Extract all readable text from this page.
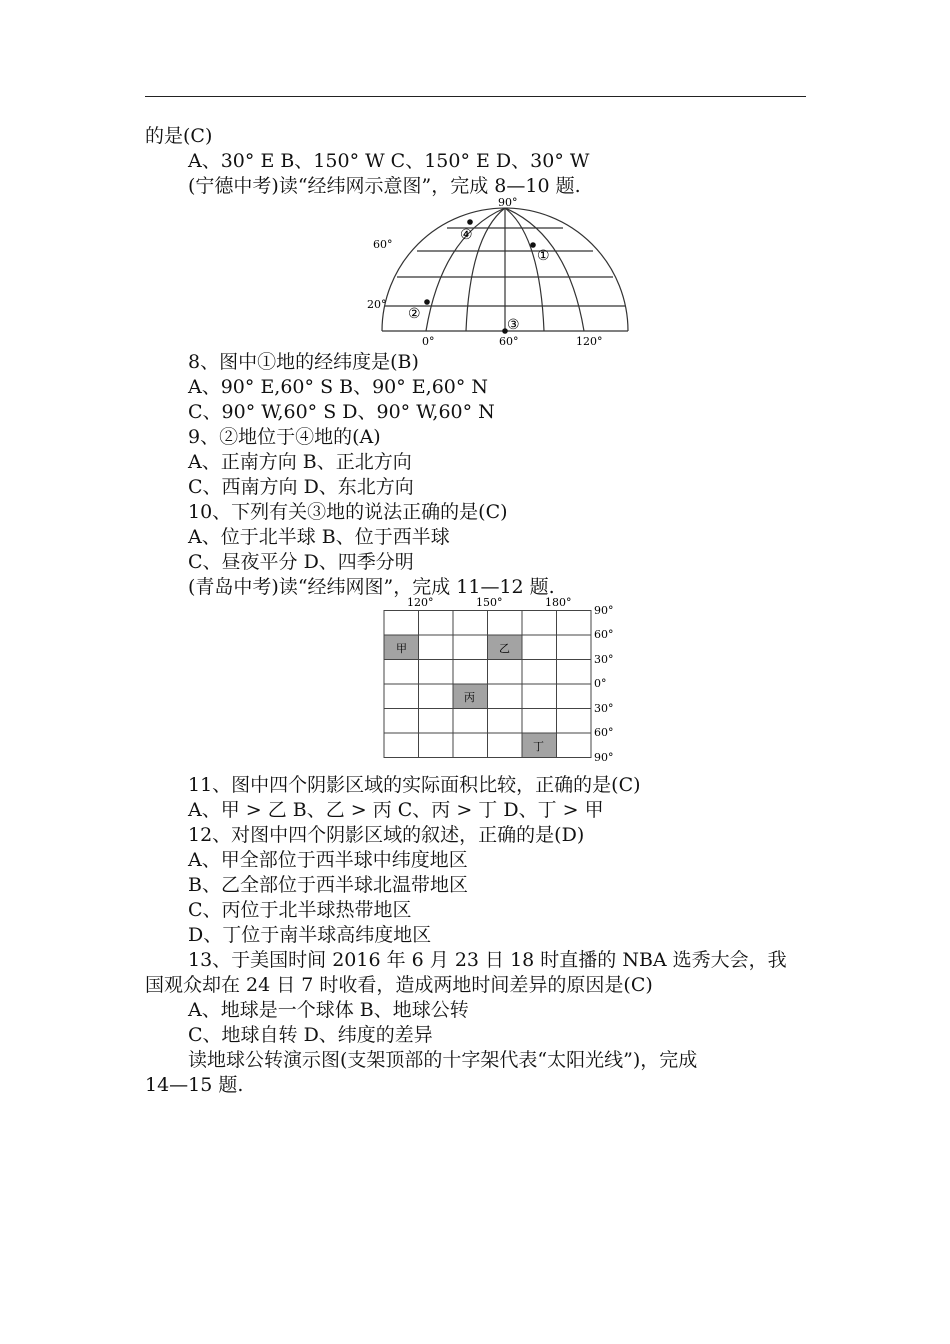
的是(C)
A、30° E B、150° W C、150° E D、30° W
(宁德中考)读“经纬网示意图”，完成 8—10 题.
90°
60°
20°
0°	60°	120°
①
②
③
④
8、图中①地的经纬度是(B)
A、90° E,60° S B、90° E,60° N
C、90° W,60° S D、90° W,60° N
9、②地位于④地的(A)
A、正南方向 B、正北方向
C、西南方向 D、东北方向
10、下列有关③地的说法正确的是(C)
A、位于北半球 B、位于西半球
C、昼夜平分 D、四季分明
(青岛中考)读“经纬网图”，完成 11—12 题.
120°	150°	180°
90°
60°
30°
0°
30°
60°
90°
甲	乙
丙
丁
11、图中四个阴影区域的实际面积比较，正确的是(C)
A、甲 > 乙 B、乙 > 丙 C、丙 > 丁 D、丁 > 甲
12、对图中四个阴影区域的叙述，正确的是(D)
A、甲全部位于西半球中纬度地区
B、乙全部位于西半球北温带地区
C、丙位于北半球热带地区
D、丁位于南半球高纬度地区
13、于美国时间 2016 年 6 月 23 日 18 时直播的 NBA 选秀大会，我
国观众却在 24 日 7 时收看，造成两地时间差异的原因是(C)
A、地球是一个球体 B、地球公转
C、地球自转 D、纬度的差异
读地球公转演示图(支架顶部的十字架代表“太阳光线”)，完成
14—15 题.
